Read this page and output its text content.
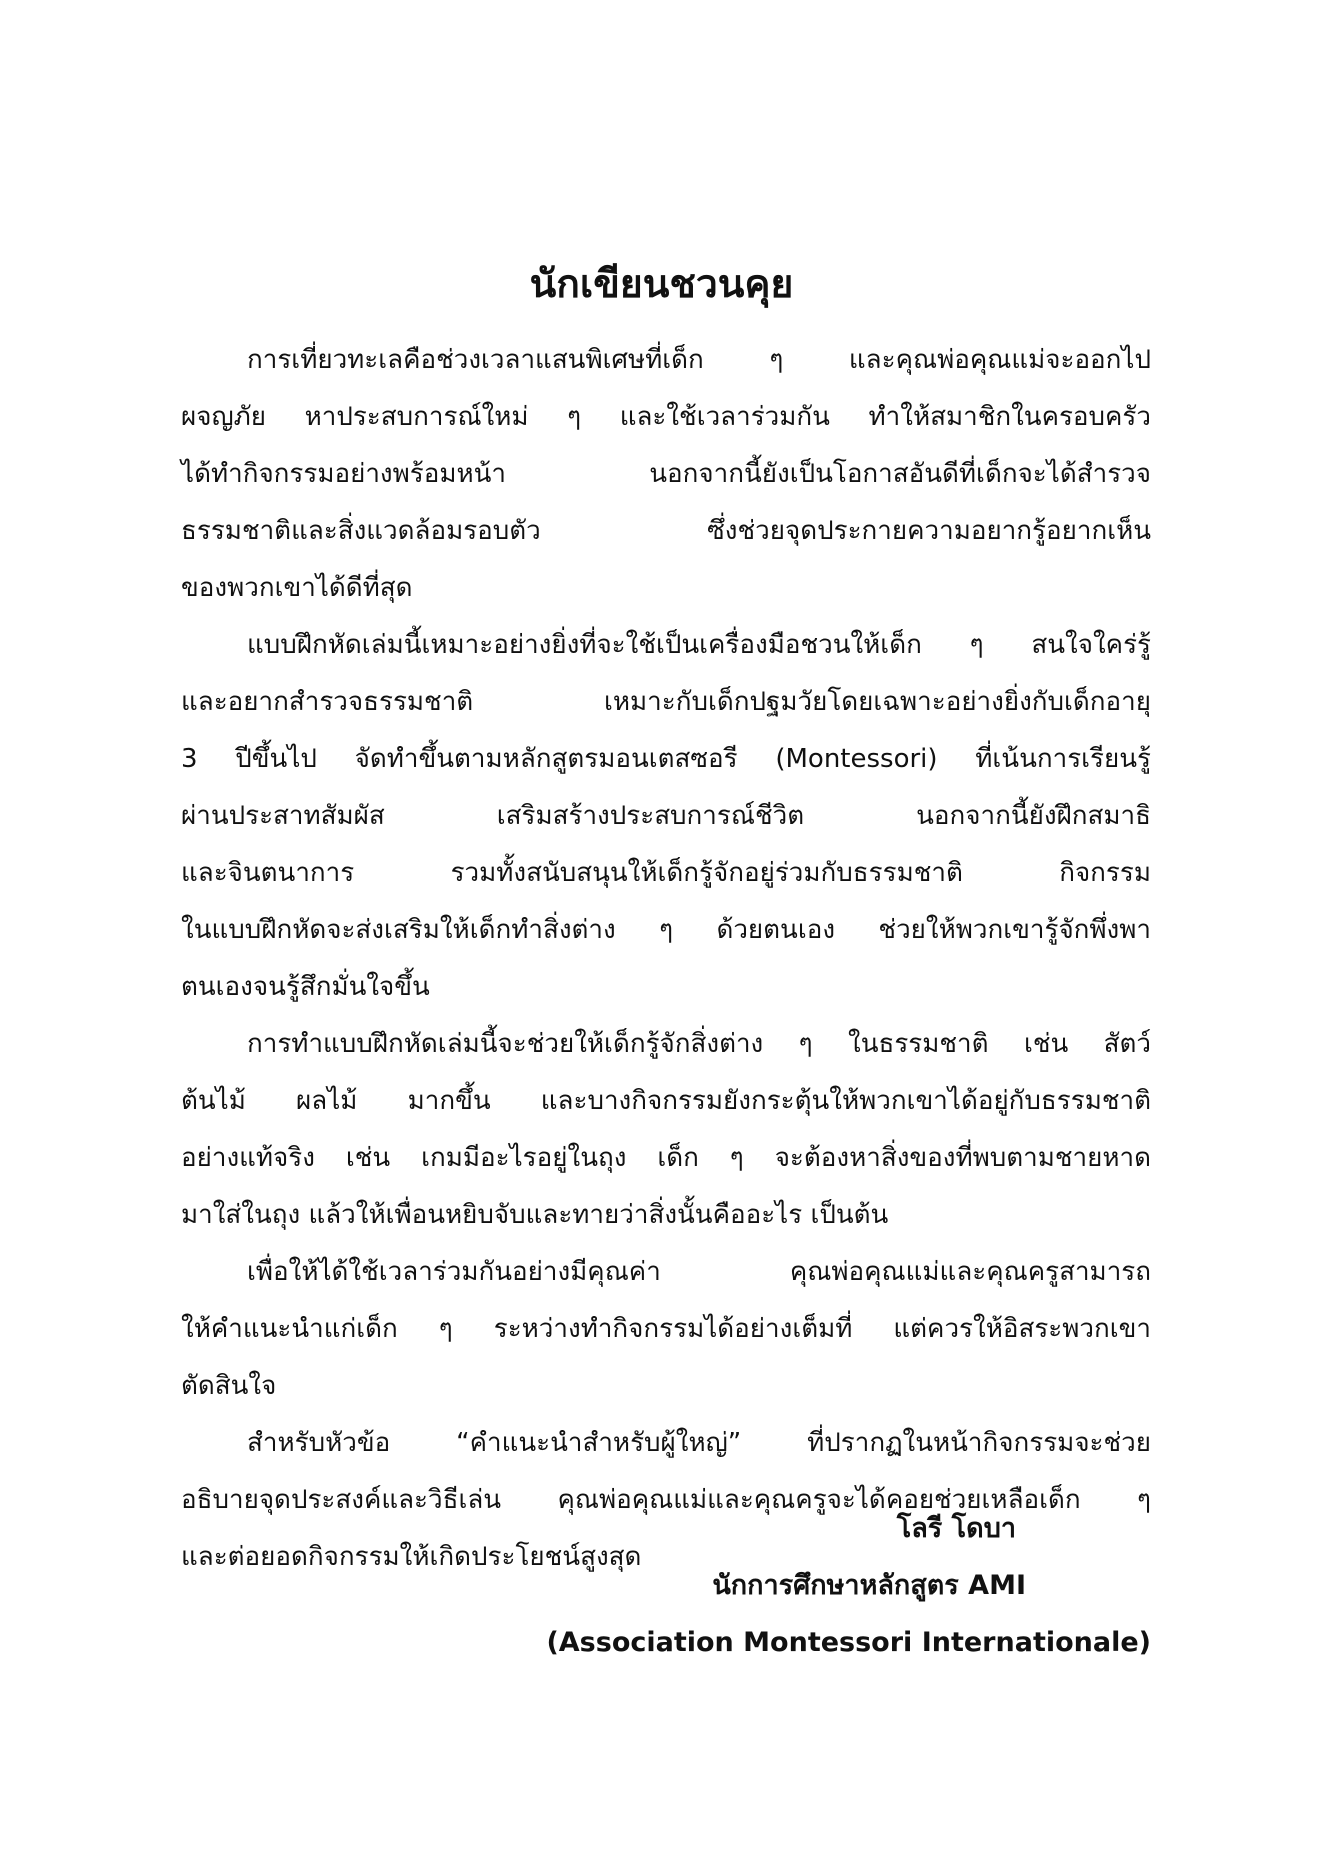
นักเขียนชวนคุย
การเที่ยวทะเลคือช่วงเวลาแสนพิเศษที่เด็ก ๆ และคุณพ่อคุณแม่จะออกไป
ผจญภัย หาประสบการณ์ใหม่ ๆ และใช้เวลาร่วมกัน ทำให้สมาชิกในครอบครัว
ได้ทำกิจกรรมอย่างพร้อมหน้า นอกจากนี้ยังเป็นโอกาสอันดีที่เด็กจะได้สำรวจ
ธรรมชาติและสิ่งแวดล้อมรอบตัว ซึ่งช่วยจุดประกายความอยากรู้อยากเห็น
ของพวกเขาได้ดีที่สุด
แบบฝึกหัดเล่มนี้เหมาะอย่างยิ่งที่จะใช้เป็นเครื่องมือชวนให้เด็ก ๆ สนใจใคร่รู้
และอยากสำรวจธรรมชาติ เหมาะกับเด็กปฐมวัยโดยเฉพาะอย่างยิ่งกับเด็กอายุ
3 ปีขึ้นไป จัดทำขึ้นตามหลักสูตรมอนเตสซอรี (Montessori) ที่เน้นการเรียนรู้
ผ่านประสาทสัมผัส เสริมสร้างประสบการณ์ชีวิต นอกจากนี้ยังฝึกสมาธิ
และจินตนาการ รวมทั้งสนับสนุนให้เด็กรู้จักอยู่ร่วมกับธรรมชาติ กิจกรรม
ในแบบฝึกหัดจะส่งเสริมให้เด็กทำสิ่งต่าง ๆ ด้วยตนเอง ช่วยให้พวกเขารู้จักพึ่งพา
ตนเองจนรู้สึกมั่นใจขึ้น
การทำแบบฝึกหัดเล่มนี้จะช่วยให้เด็กรู้จักสิ่งต่าง ๆ ในธรรมชาติ เช่น สัตว์
ต้นไม้ ผลไม้ มากขึ้น และบางกิจกรรมยังกระตุ้นให้พวกเขาได้อยู่กับธรรมชาติ
อย่างแท้จริง เช่น เกมมีอะไรอยู่ในถุง เด็ก ๆ จะต้องหาสิ่งของที่พบตามชายหาด
มาใส่ในถุง แล้วให้เพื่อนหยิบจับและทายว่าสิ่งนั้นคืออะไร เป็นต้น
เพื่อให้ได้ใช้เวลาร่วมกันอย่างมีคุณค่า คุณพ่อคุณแม่และคุณครูสามารถ
ให้คำแนะนำแก่เด็ก ๆ ระหว่างทำกิจกรรมได้อย่างเต็มที่ แต่ควรให้อิสระพวกเขา
ตัดสินใจ
สำหรับหัวข้อ “คำแนะนำสำหรับผู้ใหญ่” ที่ปรากฏในหน้ากิจกรรมจะช่วย
อธิบายจุดประสงค์และวิธีเล่น คุณพ่อคุณแม่และคุณครูจะได้คอยช่วยเหลือเด็ก ๆ
และต่อยอดกิจกรรมให้เกิดประโยชน์สูงสุด
โลรี โดบา
นักการศึกษาหลักสูตร AMI
(Association Montessori Internationale)
